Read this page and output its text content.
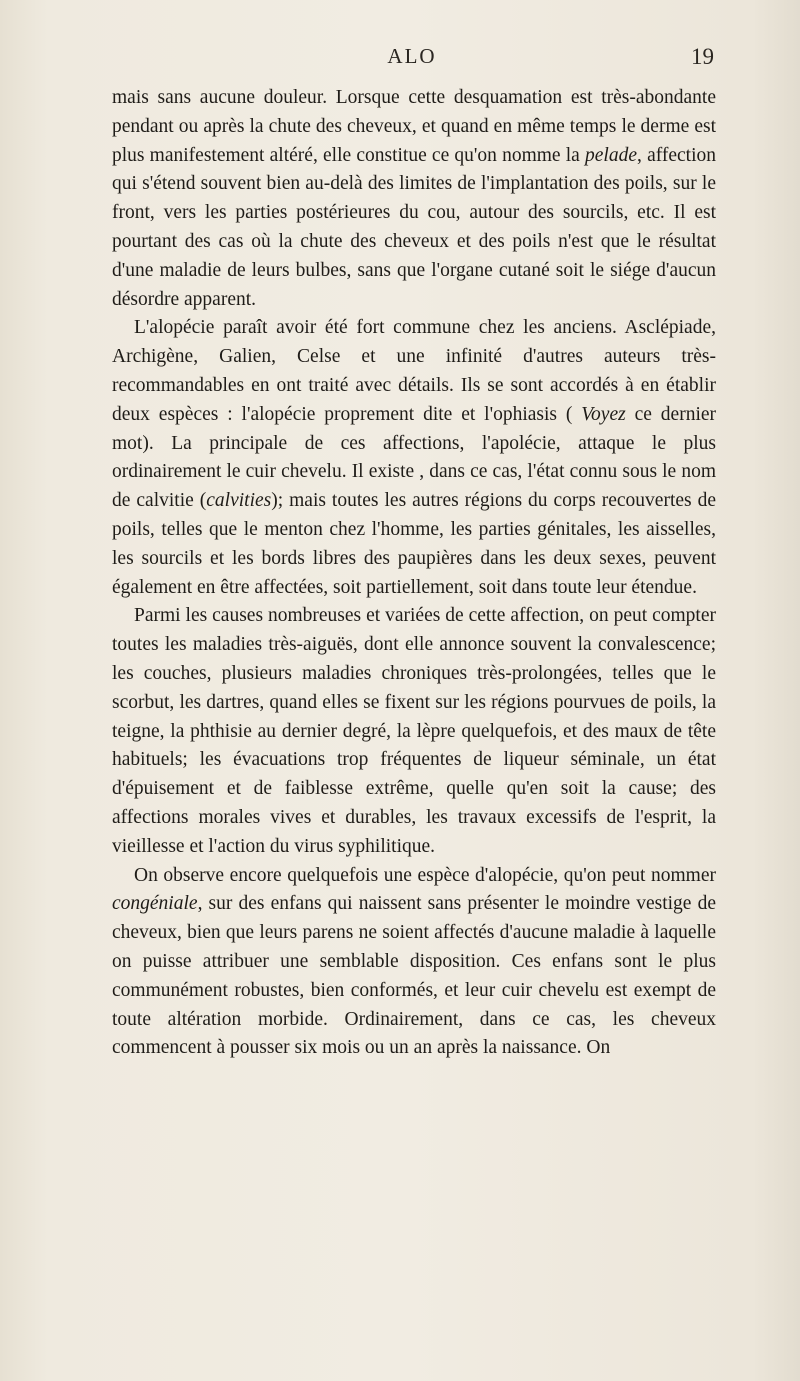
ALO	19

mais sans aucune douleur. Lorsque cette desquamation est très-abondante pendant ou après la chute des cheveux, et quand en même temps le derme est plus manifestement altéré, elle constitue ce qu'on nomme la pelade, affection qui s'étend souvent bien au-delà des limites de l'implantation des poils, sur le front, vers les parties postérieures du cou, autour des sourcils, etc. Il est pourtant des cas où la chute des cheveux et des poils n'est que le résultat d'une maladie de leurs bulbes, sans que l'organe cutané soit le siége d'aucun désordre apparent.

L'alopécie paraît avoir été fort commune chez les anciens. Asclépiade, Archigène, Galien, Celse et une infinité d'autres auteurs très-recommandables en ont traité avec détails. Ils se sont accordés à en établir deux espèces : l'alopécie proprement dite et l'ophiasis ( Voyez ce dernier mot). La principale de ces affections, l'apolécie, attaque le plus ordinairement le cuir chevelu. Il existe , dans ce cas, l'état connu sous le nom de calvitie (calvities); mais toutes les autres régions du corps recouvertes de poils, telles que le menton chez l'homme, les parties génitales, les aisselles, les sourcils et les bords libres des paupières dans les deux sexes, peuvent également en être affectées, soit partiellement, soit dans toute leur étendue.

Parmi les causes nombreuses et variées de cette affection, on peut compter toutes les maladies très-aiguës, dont elle annonce souvent la convalescence; les couches, plusieurs maladies chroniques très-prolongées, telles que le scorbut, les dartres, quand elles se fixent sur les régions pourvues de poils, la teigne, la phthisie au dernier degré, la lèpre quelquefois, et des maux de tête habituels; les évacuations trop fréquentes de liqueur séminale, un état d'épuisement et de faiblesse extrême, quelle qu'en soit la cause; des affections morales vives et durables, les travaux excessifs de l'esprit, la vieillesse et l'action du virus syphilitique.

On observe encore quelquefois une espèce d'alopécie, qu'on peut nommer congéniale, sur des enfans qui naissent sans présenter le moindre vestige de cheveux, bien que leurs parens ne soient affectés d'aucune maladie à laquelle on puisse attribuer une semblable disposition. Ces enfans sont le plus communément robustes, bien conformés, et leur cuir chevelu est exempt de toute altération morbide. Ordinairement, dans ce cas, les cheveux commencent à pousser six mois ou un an après la naissance. On
